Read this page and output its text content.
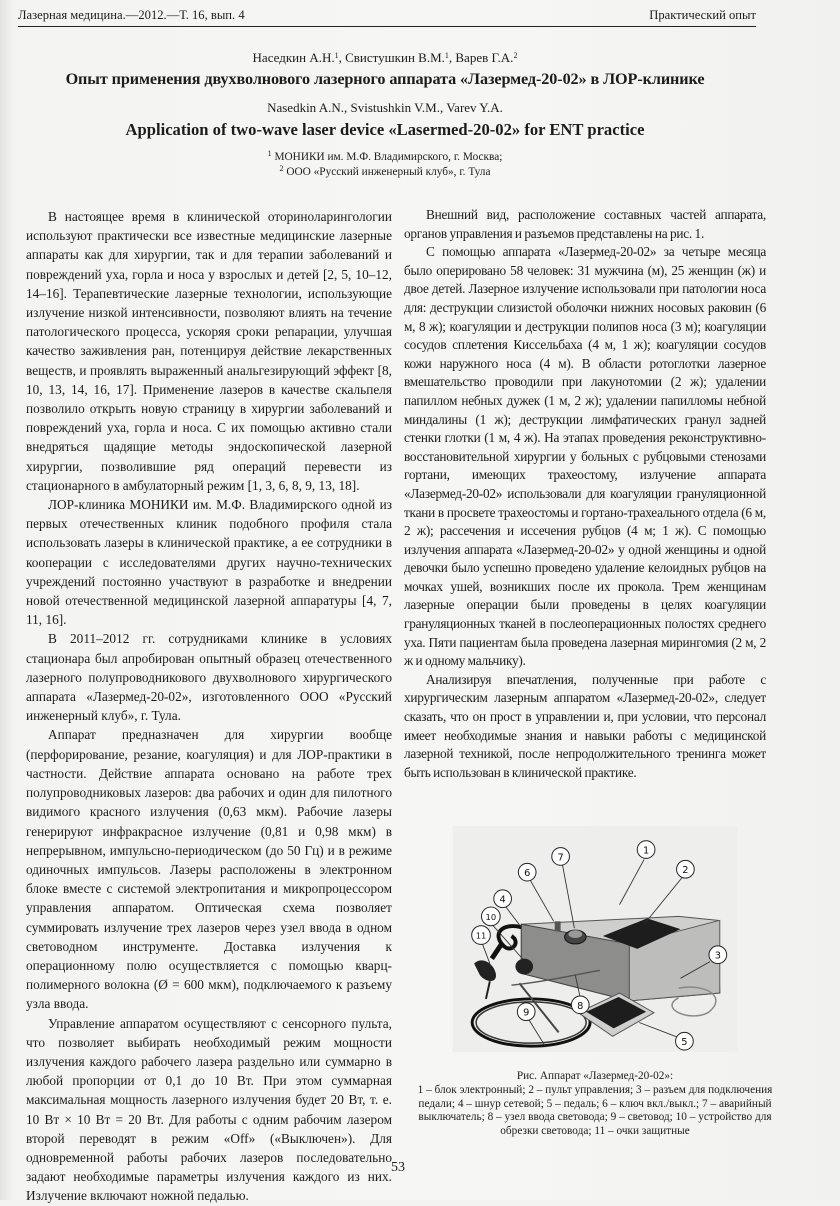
Лазерная медицина.—2012.—Т. 16, вып. 4	Практический опыт
Наседкин А.Н.$^1$, Свистушкин В.М.$^1$, Варев Г.А.$^2$
Опыт применения двухволнового лазерного аппарата «Лазермед-20-02» в ЛОР-клинике
Nasedkin A.N., Svistushkin V.M., Varev Y.A.
Application of two-wave laser device «Lasermed-20-02» for ENT practice
$^1$ МОНИКИ им. М.Ф. Владимирского, г. Москва;
$^2$ ООО «Русский инженерный клуб», г. Тула

В настоящее время в клинической оториноларингологии используют практически все известные медицинские лазерные аппараты как для хирургии, так и для терапии заболеваний и повреждений уха, горла и носа у взрослых и детей [2, 5, 10–12, 14–16]. Терапевтические лазерные технологии, использующие излучение низкой интенсивности, позволяют влиять на течение патологического процесса, ускоряя сроки репарации, улучшая качество заживления ран, потенцируя действие лекарственных веществ, и проявлять выраженный анальгезирующий эффект [8, 10, 13, 14, 16, 17]. Применение лазеров в качестве скальпеля позволило открыть новую страницу в хирургии заболеваний и повреждений уха, горла и носа. С их помощью активно стали внедряться щадящие методы эндоскопической лазерной хирургии, позволившие ряд операций перевести из стационарного в амбулаторный режим [1, 3, 6, 8, 9, 13, 18].

ЛОР-клиника МОНИКИ им. М.Ф. Владимирского одной из первых отечественных клиник подобного профиля стала использовать лазеры в клинической практике, а ее сотрудники в кооперации с исследователями других научно-технических учреждений постоянно участвуют в разработке и внедрении новой отечественной медицинской лазерной аппаратуры [4, 7, 11, 16].

В 2011–2012 гг. сотрудниками клинике в условиях стационара был апробирован опытный образец отечественного лазерного полупроводникового двухволнового хирургического аппарата «Лазермед-20-02», изготовленного ООО «Русский инженерный клуб», г. Тула.

Аппарат предназначен для хирургии вообще (перфорирование, резание, коагуляция) и для ЛОР-практики в частности. Действие аппарата основано на работе трех полупроводниковых лазеров: два рабочих и один для пилотного видимого красного излучения (0,63 мкм). Рабочие лазеры генерируют инфракрасное излучение (0,81 и 0,98 мкм) в непрерывном, импульсно-периодическом (до 50 Гц) и в режиме одиночных импульсов. Лазеры расположены в электронном блоке вместе с системой электропитания и микропроцессором управления аппаратом. Оптическая схема позволяет суммировать излучение трех лазеров через узел ввода в одном световодном инструменте. Доставка излучения к операционному полю осуществляется с помощью кварц-полимерного волокна (Ø = 600 мкм), подключаемого к разъему узла ввода.

Управление аппаратом осуществляют с сенсорного пульта, что позволяет выбирать необходимый режим мощности излучения каждого рабочего лазера раздельно или суммарно в любой пропорции от 0,1 до 10 Вт. При этом суммарная максимальная мощность лазерного излучения будет 20 Вт, т. е. 10 Вт × 10 Вт = 20 Вт. Для работы с одним рабочим лазером второй переводят в режим «Off» («Выключен»). Для одновременной работы рабочих лазеров последовательно задают необходимые параметры излучения каждого из них. Излучение включают ножной педалью.

Внешний вид, расположение составных частей аппарата, органов управления и разъемов представлены на рис. 1.

С помощью аппарата «Лазермед-20-02» за четыре месяца было оперировано 58 человек: 31 мужчина (м), 25 женщин (ж) и двое детей. Лазерное излучение использовали при патологии носа для: деструкции слизистой оболочки нижних носовых раковин (6 м, 8 ж); коагуляции и деструкции полипов носа (3 м); коагуляции сосудов сплетения Киссельбаха (4 м, 1 ж); коагуляции сосудов кожи наружного носа (4 м). В области ротоглотки лазерное вмешательство проводили при лакунотомии (2 ж); удалении папиллом небных дужек (1 м, 2 ж); удалении папилломы небной миндалины (1 ж); деструкции лимфатических гранул задней стенки глотки (1 м, 4 ж). На этапах проведения реконструктивно-восстановительной хирургии у больных с рубцовыми стенозами гортани, имеющих трахеостому, излучение аппарата «Лазермед-20-02» использовали для коагуляции грануляционной ткани в просвете трахеостомы и гортано-трахеального отдела (6 м, 2 ж); рассечения и иссечения рубцов (4 м; 1 ж). С помощью излучения аппарата «Лазермед-20-02» у одной женщины и одной девочки было успешно проведено удаление келоидных рубцов на мочках ушей, возникших после их прокола. Трем женщинам лазерные операции были проведены в целях коагуляции грануляционных тканей в послеоперационных полостях среднего уха. Пяти пациентам была проведена лазерная мирингомия (2 м, 2 ж и одному мальчику).

Анализируя впечатления, полученные при работе с хирургическим лазерным аппаратом «Лазермед-20-02», следует сказать, что он прост в управлении и, при условии, что персонал имеет необходимые знания и навыки работы с медицинской лазерной техникой, после непродолжительного тренинга может быть использован в клинической практике.

1
2
3
4
5
6
7
8
9
10
11
Рис. Аппарат «Лазермед-20-02»:
1 – блок электронный; 2 – пульт управления; 3 – разъем для подключения педали; 4 – шнур сетевой; 5 – педаль; 6 – ключ вкл./выкл.; 7 – аварийный выключатель; 8 – узел ввода световода; 9 – световод; 10 – устройство для обрезки световода; 11 – очки защитные
53
